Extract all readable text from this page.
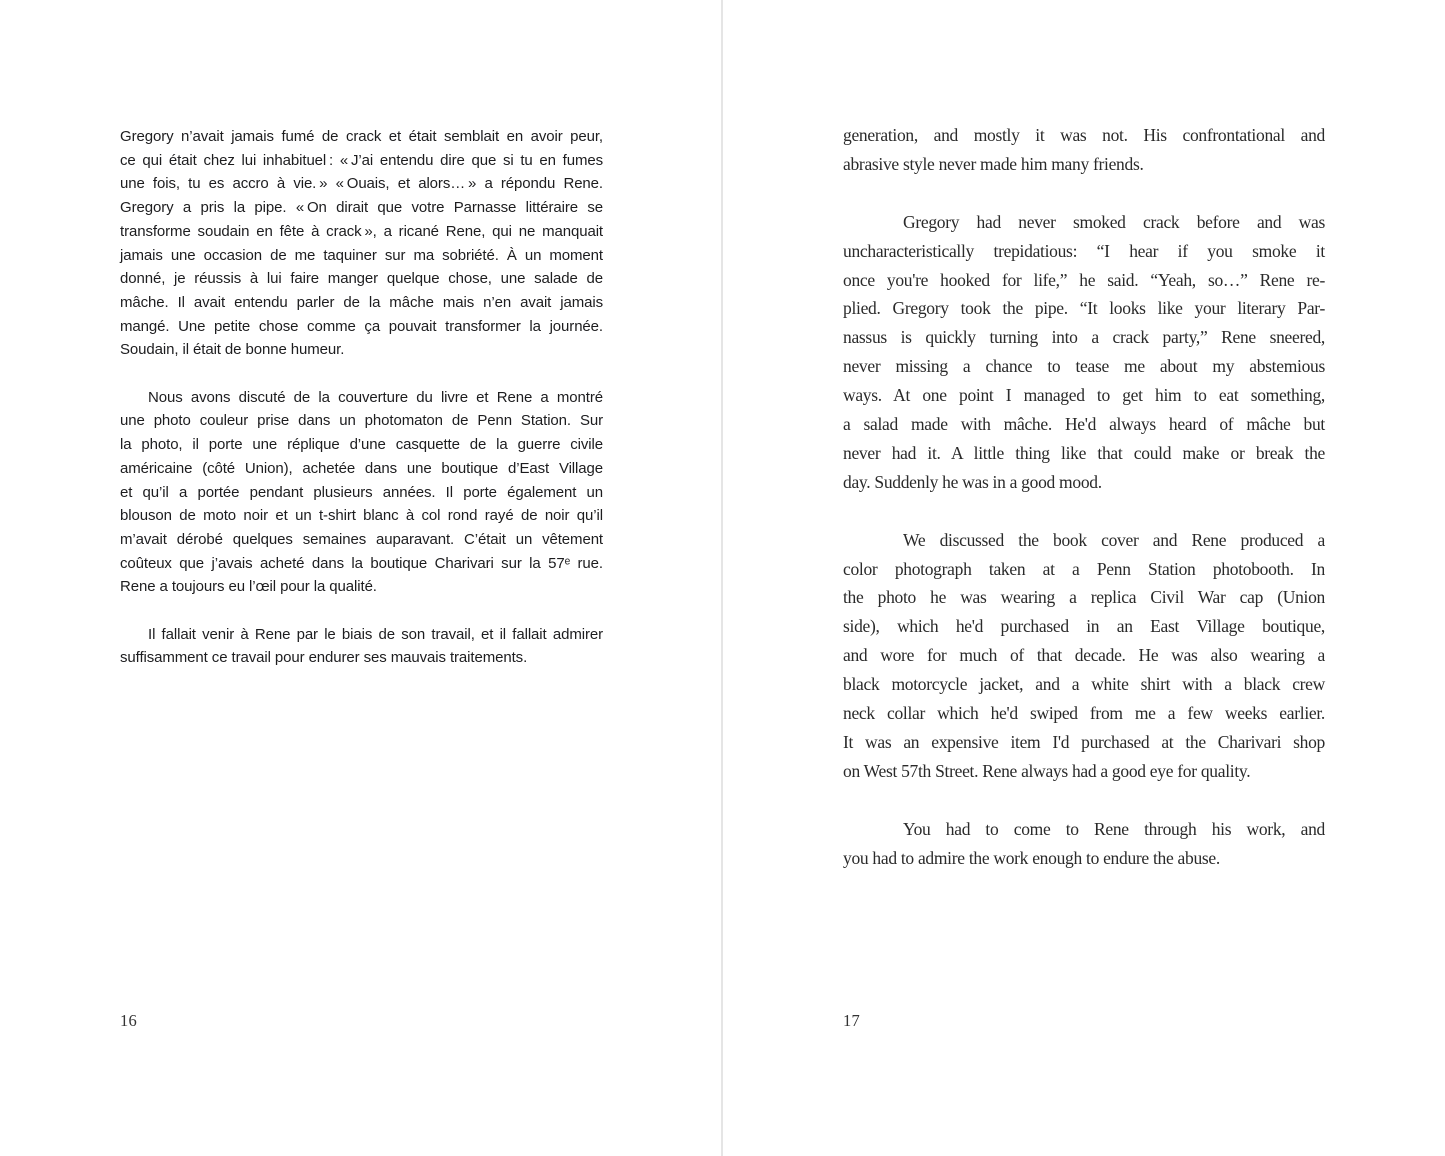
Gregory n’avait jamais fumé de crack et était semblait en avoir peur,
ce qui était chez lui inhabituel : « J’ai entendu dire que si tu en fumes
une fois, tu es accro à vie. » « Ouais, et alors… » a répondu Rene.
Gregory a pris la pipe. « On dirait que votre Parnasse littéraire se
transforme soudain en fête à crack », a ricané Rene, qui ne manquait
jamais une occasion de me taquiner sur ma sobriété. À un moment
donné, je réussis à lui faire manger quelque chose, une salade de
mâche. Il avait entendu parler de la mâche mais n’en avait jamais
mangé. Une petite chose comme ça pouvait transformer la journée.
Soudain, il était de bonne humeur.
Nous avons discuté de la couverture du livre et Rene a montré
une photo couleur prise dans un photomaton de Penn Station. Sur
la photo, il porte une réplique d’une casquette de la guerre civile
américaine (côté Union), achetée dans une boutique d’East Village
et qu’il a portée pendant plusieurs années. Il porte également un
blouson de moto noir et un t-shirt blanc à col rond rayé de noir qu’il
m’avait dérobé quelques semaines auparavant. C’était un vêtement
coûteux que j’avais acheté dans la boutique Charivari sur la 57ᵉ rue.
Rene a toujours eu l’œil pour la qualité.
Il fallait venir à Rene par le biais de son travail, et il fallait admirer
suffisamment ce travail pour endurer ses mauvais traitements.
generation, and mostly it was not. His confrontational and
abrasive style never made him many friends.
Gregory had never smoked crack before and was
uncharacteristically trepidatious: “I hear if you smoke it
once you're hooked for life,” he said. “Yeah, so…” Rene re-
plied. Gregory took the pipe. “It looks like your literary Par-
nassus is quickly turning into a crack party,” Rene sneered,
never missing a chance to tease me about my abstemious
ways. At one point I managed to get him to eat something,
a salad made with mâche. He'd always heard of mâche but
never had it. A little thing like that could make or break the
day. Suddenly he was in a good mood.
We discussed the book cover and Rene produced a
color photograph taken at a Penn Station photobooth. In
the photo he was wearing a replica Civil War cap (Union
side), which he'd purchased in an East Village boutique,
and wore for much of that decade. He was also wearing a
black motorcycle jacket, and a white shirt with a black crew
neck collar which he'd swiped from me a few weeks earlier.
It was an expensive item I'd purchased at the Charivari shop
on West 57th Street. Rene always had a good eye for quality.
You had to come to Rene through his work, and
you had to admire the work enough to endure the abuse.
16	17
